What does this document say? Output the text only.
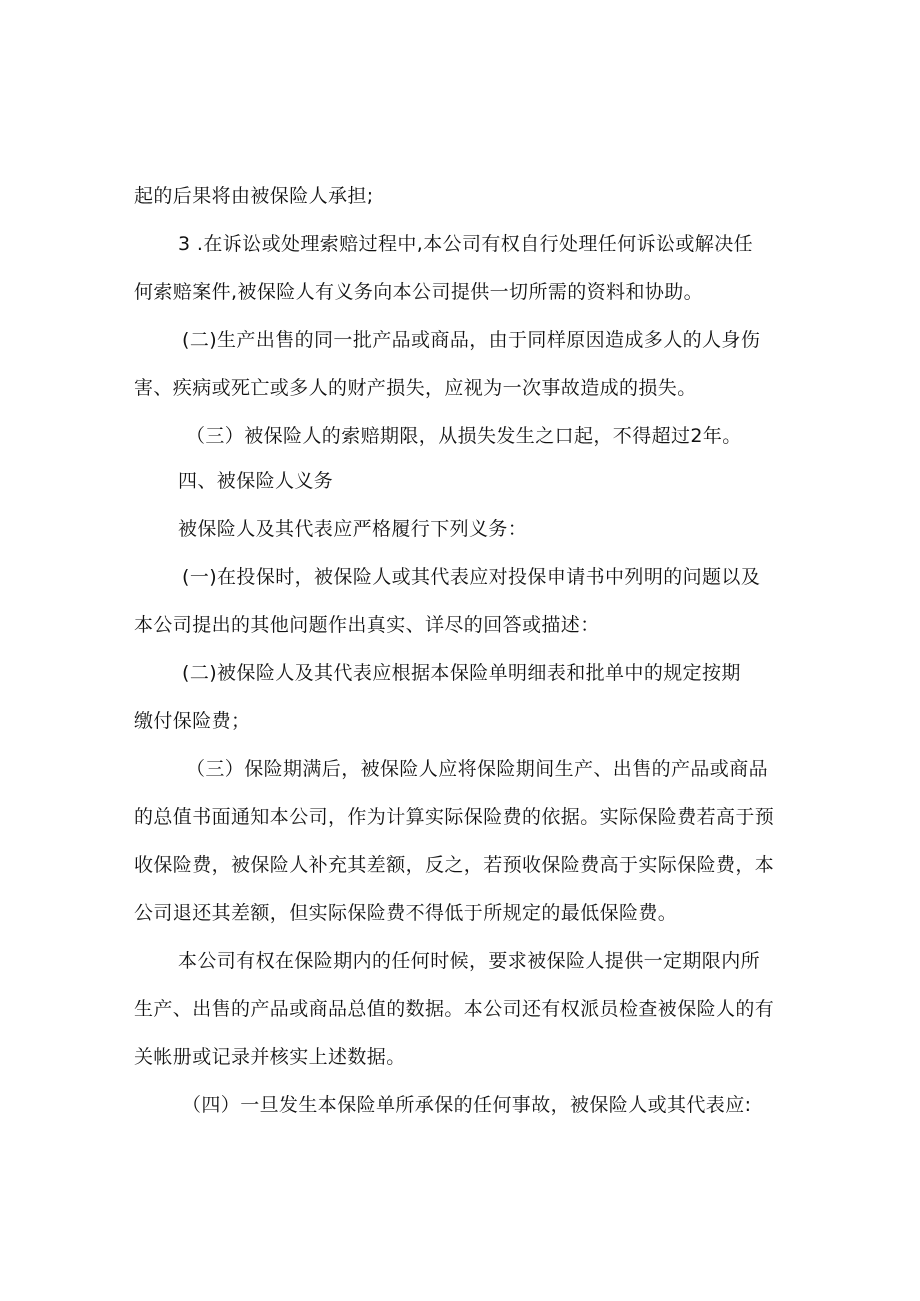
起的后果将由被保险人承担;
3 .在诉讼或处理索赔过程中,本公司有权自行处理任何诉讼或解决任
何索赔案件,被保险人有义务向本公司提供一切所需的资料和协助。
(二)生产出售的同一批产品或商品，由于同样原因造成多人的人身伤
害、疾病或死亡或多人的财产损失，应视为一次事故造成的损失。
（三）被保险人的索赔期限，从损失发生之口起，不得超过2年。
四、被保险人义务
被保险人及其代表应严格履行下列义务：
(一)在投保时，被保险人或其代表应对投保申请书中列明的问题以及
本公司提出的其他问题作出真实、详尽的回答或描述：
(二)被保险人及其代表应根据本保险单明细表和批单中的规定按期
缴付保险费；
（三）保险期满后，被保险人应将保险期间生产、出售的产品或商品
的总值书面通知本公司，作为计算实际保险费的依据。实际保险费若高于预
收保险费，被保险人补充其差额，反之，若预收保险费高于实际保险费，本
公司退还其差额，但实际保险费不得低于所规定的最低保险费。
本公司有权在保险期内的任何时候，要求被保险人提供一定期限内所
生产、出售的产品或商品总值的数据。本公司还有权派员检查被保险人的有
关帐册或记录并核实上述数据。
（四）一旦发生本保险单所承保的任何事故，被保险人或其代表应:
